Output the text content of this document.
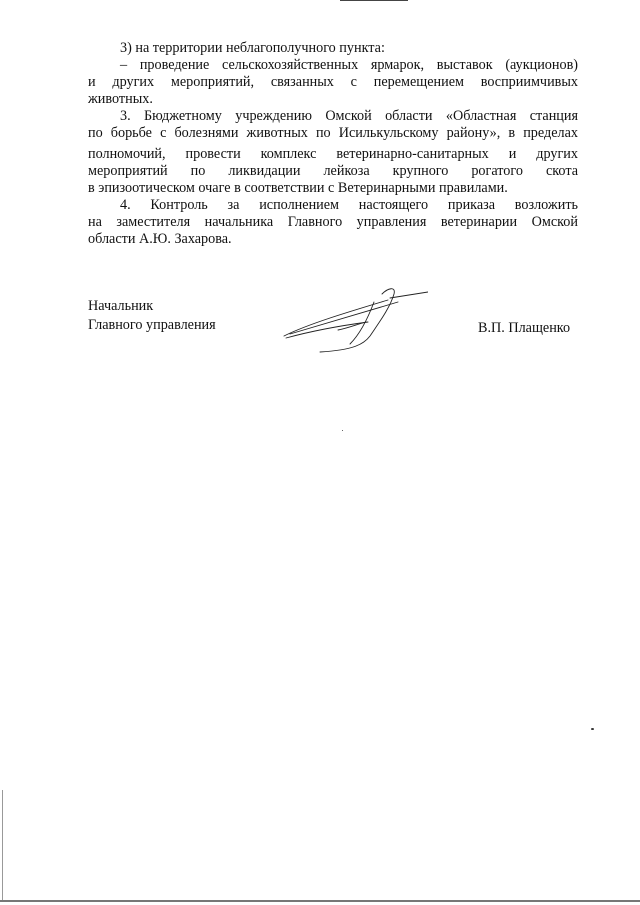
3) на территории неблагополучного пункта:
– проведение сельскохозяйственных ярмарок, выставок (аукционов)
и других мероприятий, связанных с перемещением восприимчивых
животных.
3. Бюджетному учреждению Омской области «Областная станция
по борьбе с болезнями животных по Исилькульскому району», в пределах
полномочий, провести комплекс ветеринарно-санитарных и других
мероприятий по ликвидации лейкоза крупного рогатого скота
в эпизоотическом очаге в соответствии с Ветеринарными правилами.
4. Контроль за исполнением настоящего приказа возложить
на заместителя начальника Главного управления ветеринарии Омской
области А.Ю. Захарова.
Начальник
Главного управления	В.П. Плащенко
